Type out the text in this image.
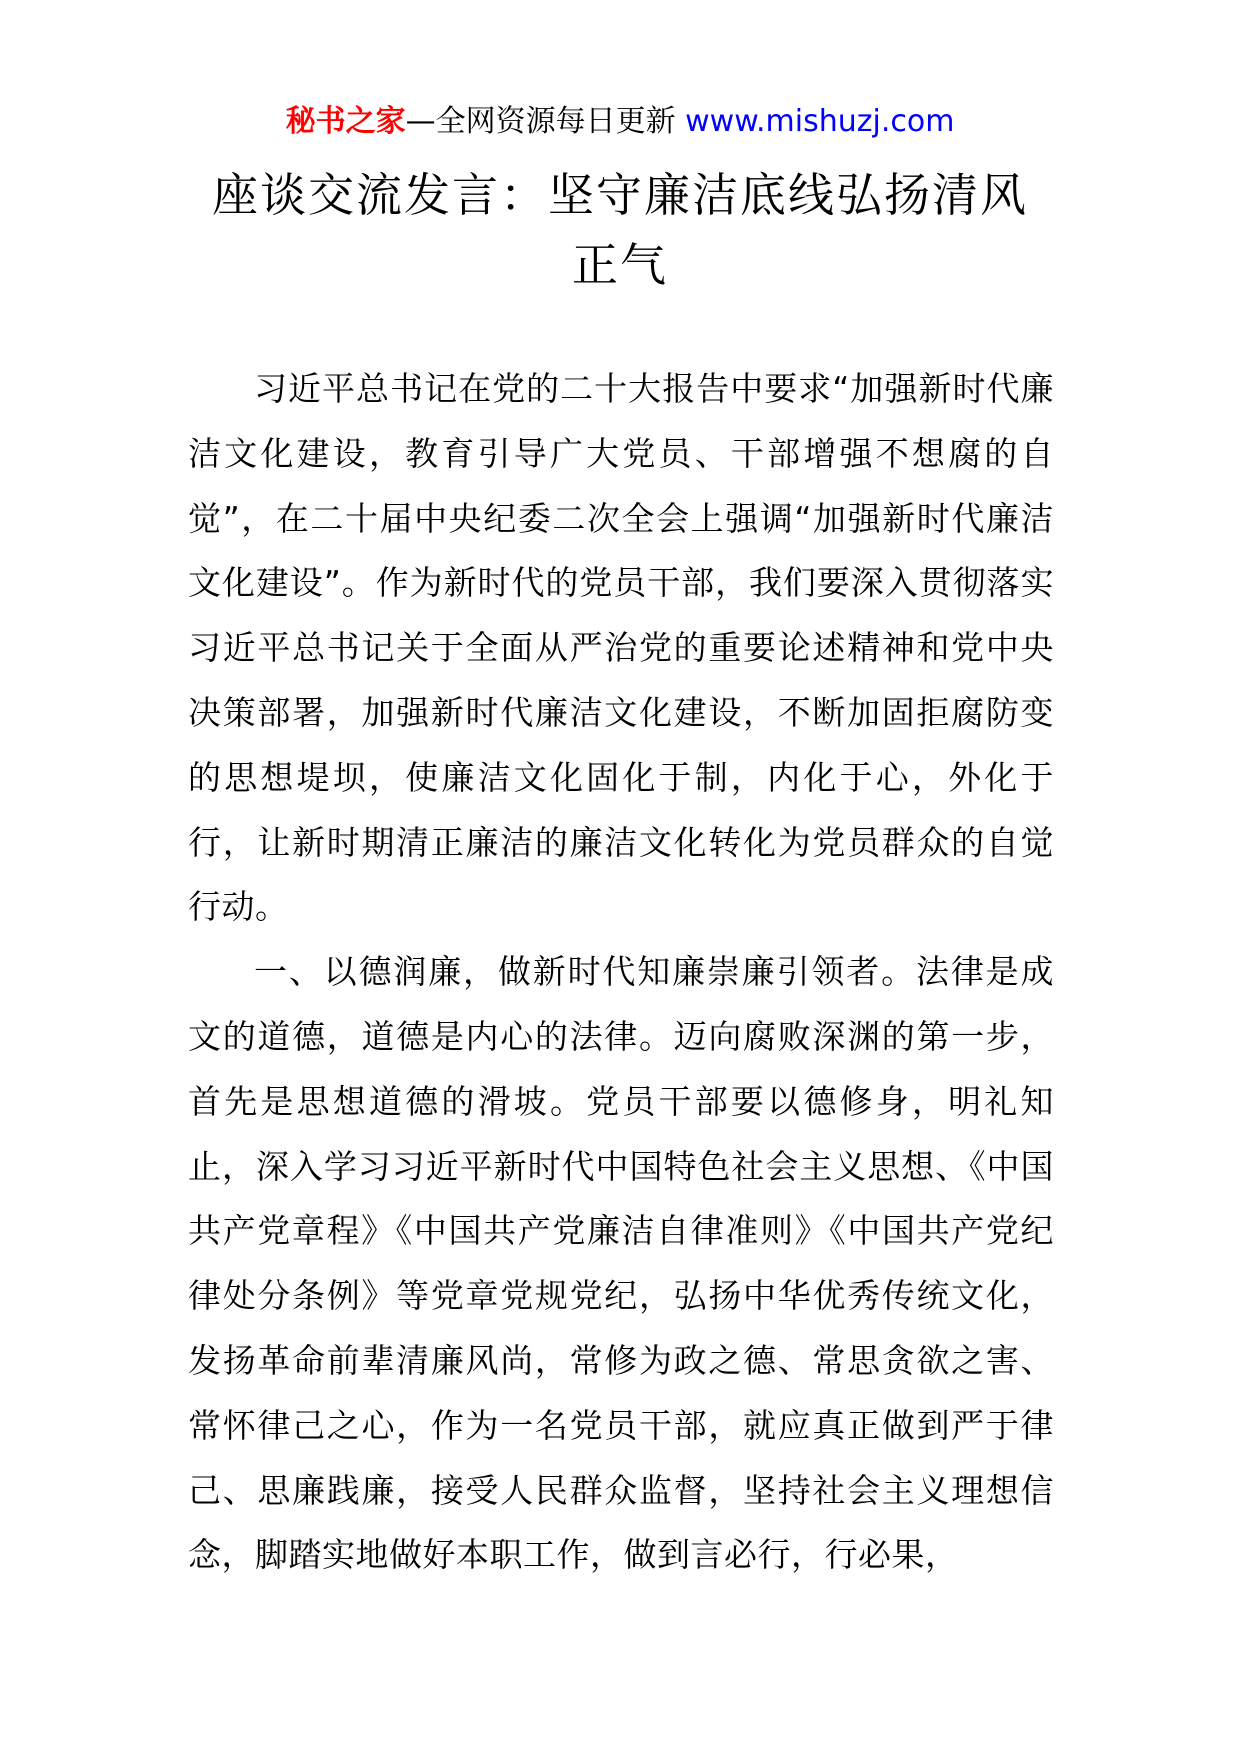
秘书之家—全网资源每日更新 www.mishuzj.com
座谈交流发言：坚守廉洁底线弘扬清风正气

习近平总书记在党的二十大报告中要求“加强新时代廉洁文化建设，教育引导广大党员、干部增强不想腐的自觉”，在二十届中央纪委二次全会上强调“加强新时代廉洁文化建设”。作为新时代的党员干部，我们要深入贯彻落实习近平总书记关于全面从严治党的重要论述精神和党中央决策部署，加强新时代廉洁文化建设，不断加固拒腐防变的思想堤坝，使廉洁文化固化于制，内化于心，外化于行，让新时期清正廉洁的廉洁文化转化为党员群众的自觉行动。

一、以德润廉，做新时代知廉崇廉引领者。法律是成文的道德，道德是内心的法律。迈向腐败深渊的第一步，首先是思想道德的滑坡。党员干部要以德修身，明礼知止，深入学习习近平新时代中国特色社会主义思想、《中国共产党章程》《中国共产党廉洁自律准则》《中国共产党纪律处分条例》等党章党规党纪，弘扬中华优秀传统文化，发扬革命前辈清廉风尚，常修为政之德、常思贪欲之害、常怀律己之心，作为一名党员干部，就应真正做到严于律己、思廉践廉，接受人民群众监督，坚持社会主义理想信念，脚踏实地做好本职工作，做到言必行，行必果，
